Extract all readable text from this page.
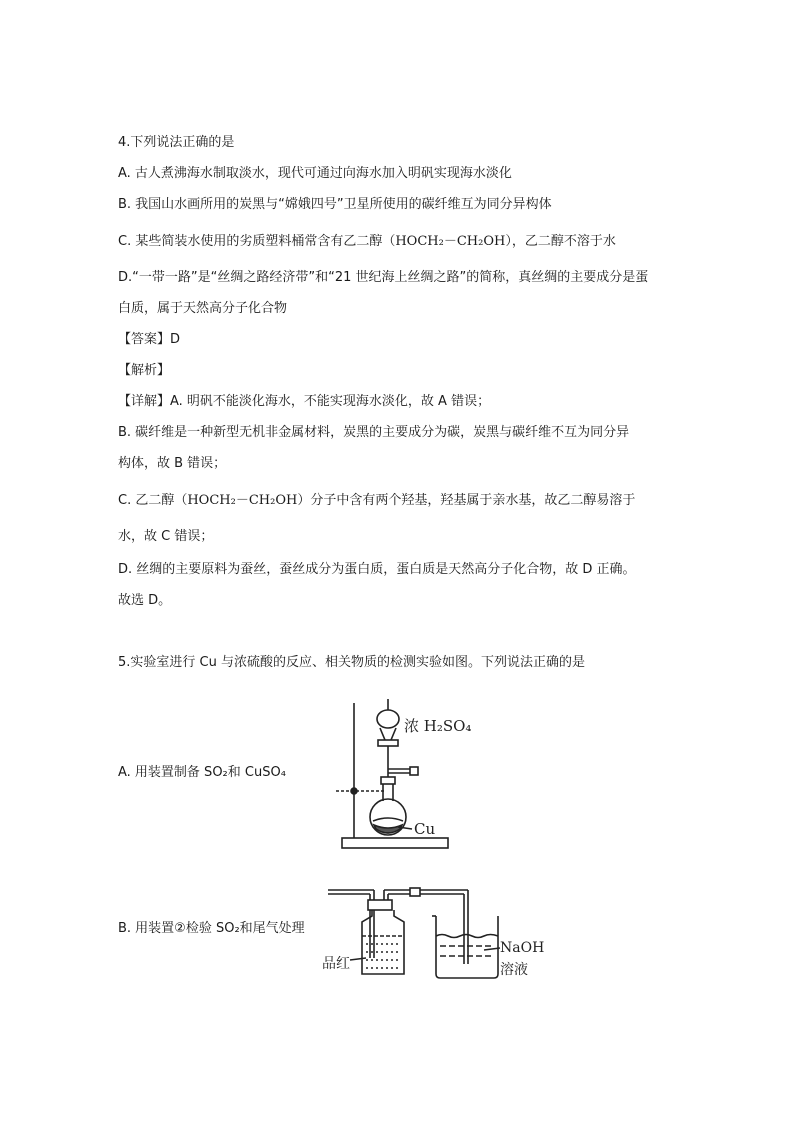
4.下列说法正确的是
A. 古人煮沸海水制取淡水，现代可通过向海水加入明矾实现海水淡化
B. 我国山水画所用的炭黑与“嫦娥四号”卫星所使用的碳纤维互为同分异构体
C. 某些简装水使用的劣质塑料桶常含有乙二醇（HOCH₂－CH₂OH），乙二醇不溶于水
D.“一带一路”是“丝绸之路经济带”和“21 世纪海上丝绸之路”的简称，真丝绸的主要成分是蛋
白质，属于天然高分子化合物
【答案】D
【解析】
【详解】A. 明矾不能淡化海水，不能实现海水淡化，故 A 错误；
B. 碳纤维是一种新型无机非金属材料，炭黑的主要成分为碳，炭黑与碳纤维不互为同分异
构体，故 B 错误；
C. 乙二醇（HOCH₂－CH₂OH）分子中含有两个羟基，羟基属于亲水基，故乙二醇易溶于
水，故 C 错误；
D. 丝绸的主要原料为蚕丝，蚕丝成分为蛋白质，蛋白质是天然高分子化合物，故 D 正确。
故选 D。
5.实验室进行 Cu 与浓硫酸的反应、相关物质的检测实验如图。下列说法正确的是
A. 用装置制备 SO₂和 CuSO₄
B. 用装置②检验 SO₂和尾气处理
浓 H₂SO₄
Cu
品红
NaOH
溶液
